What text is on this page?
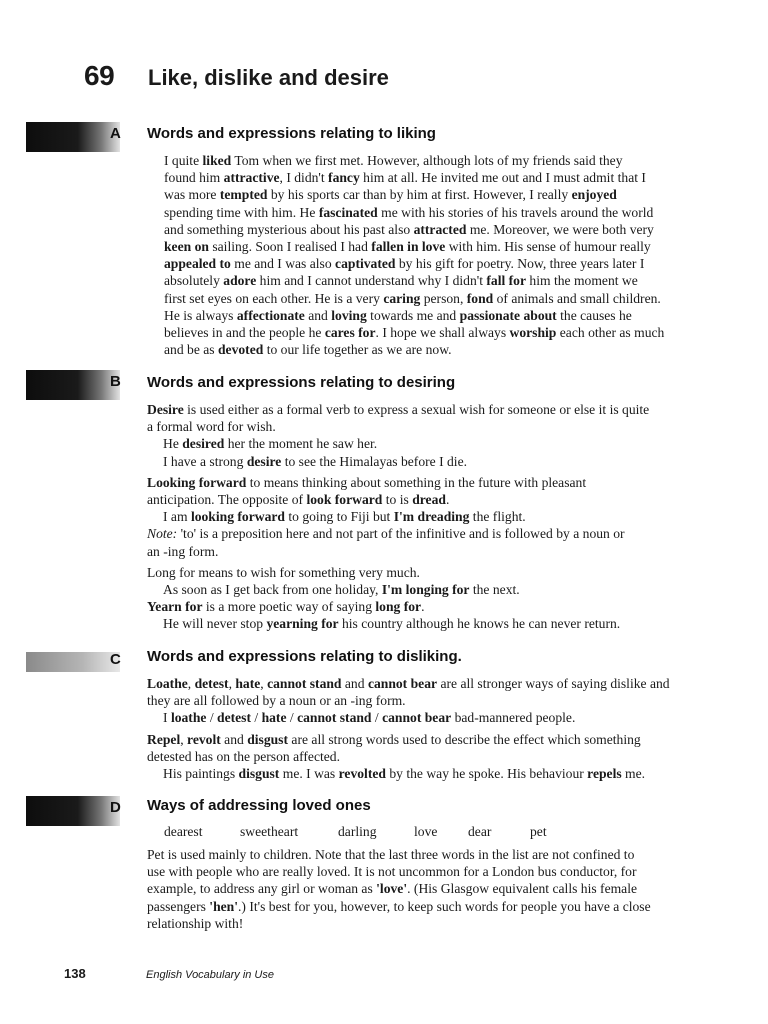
69	Like, dislike and desire
A Words and expressions relating to liking
I quite liked Tom when we first met. However, although lots of my friends said they
found him attractive, I didn't fancy him at all. He invited me out and I must admit that I
was more tempted by his sports car than by him at first. However, I really enjoyed
spending time with him. He fascinated me with his stories of his travels around the world
and something mysterious about his past also attracted me. Moreover, we were both very
keen on sailing. Soon I realised I had fallen in love with him. His sense of humour really
appealed to me and I was also captivated by his gift for poetry. Now, three years later I
absolutely adore him and I cannot understand why I didn't fall for him the moment we
first set eyes on each other. He is a very caring person, fond of animals and small children.
He is always affectionate and loving towards me and passionate about the causes he
believes in and the people he cares for. I hope we shall always worship each other as much
and be as devoted to our life together as we are now.
B Words and expressions relating to desiring
Desire is used either as a formal verb to express a sexual wish for someone or else it is quite
a formal word for wish.
He desired her the moment he saw her.
I have a strong desire to see the Himalayas before I die.
Looking forward to means thinking about something in the future with pleasant
anticipation. The opposite of look forward to is dread.
I am looking forward to going to Fiji but I'm dreading the flight.
Note: 'to' is a preposition here and not part of the infinitive and is followed by a noun or
an -ing form.
Long for means to wish for something very much.
As soon as I get back from one holiday, I'm longing for the next.
Yearn for is a more poetic way of saying long for.
He will never stop yearning for his country although he knows he can never return.
C Words and expressions relating to disliking.
Loathe, detest, hate, cannot stand and cannot bear are all stronger ways of saying dislike and
they are all followed by a noun or an -ing form.
I loathe / detest / hate / cannot stand / cannot bear bad-mannered people.
Repel, revolt and disgust are all strong words used to describe the effect which something
detested has on the person affected.
His paintings disgust me. I was revolted by the way he spoke. His behaviour repels me.
D Ways of addressing loved ones
dearest	sweetheart	darling	love	dear	pet
Pet is used mainly to children. Note that the last three words in the list are not confined to
use with people who are really loved. It is not uncommon for a London bus conductor, for
example, to address any girl or woman as 'love'. (His Glasgow equivalent calls his female
passengers 'hen'.) It's best for you, however, to keep such words for people you have a close
relationship with!
138	English Vocabulary in Use
